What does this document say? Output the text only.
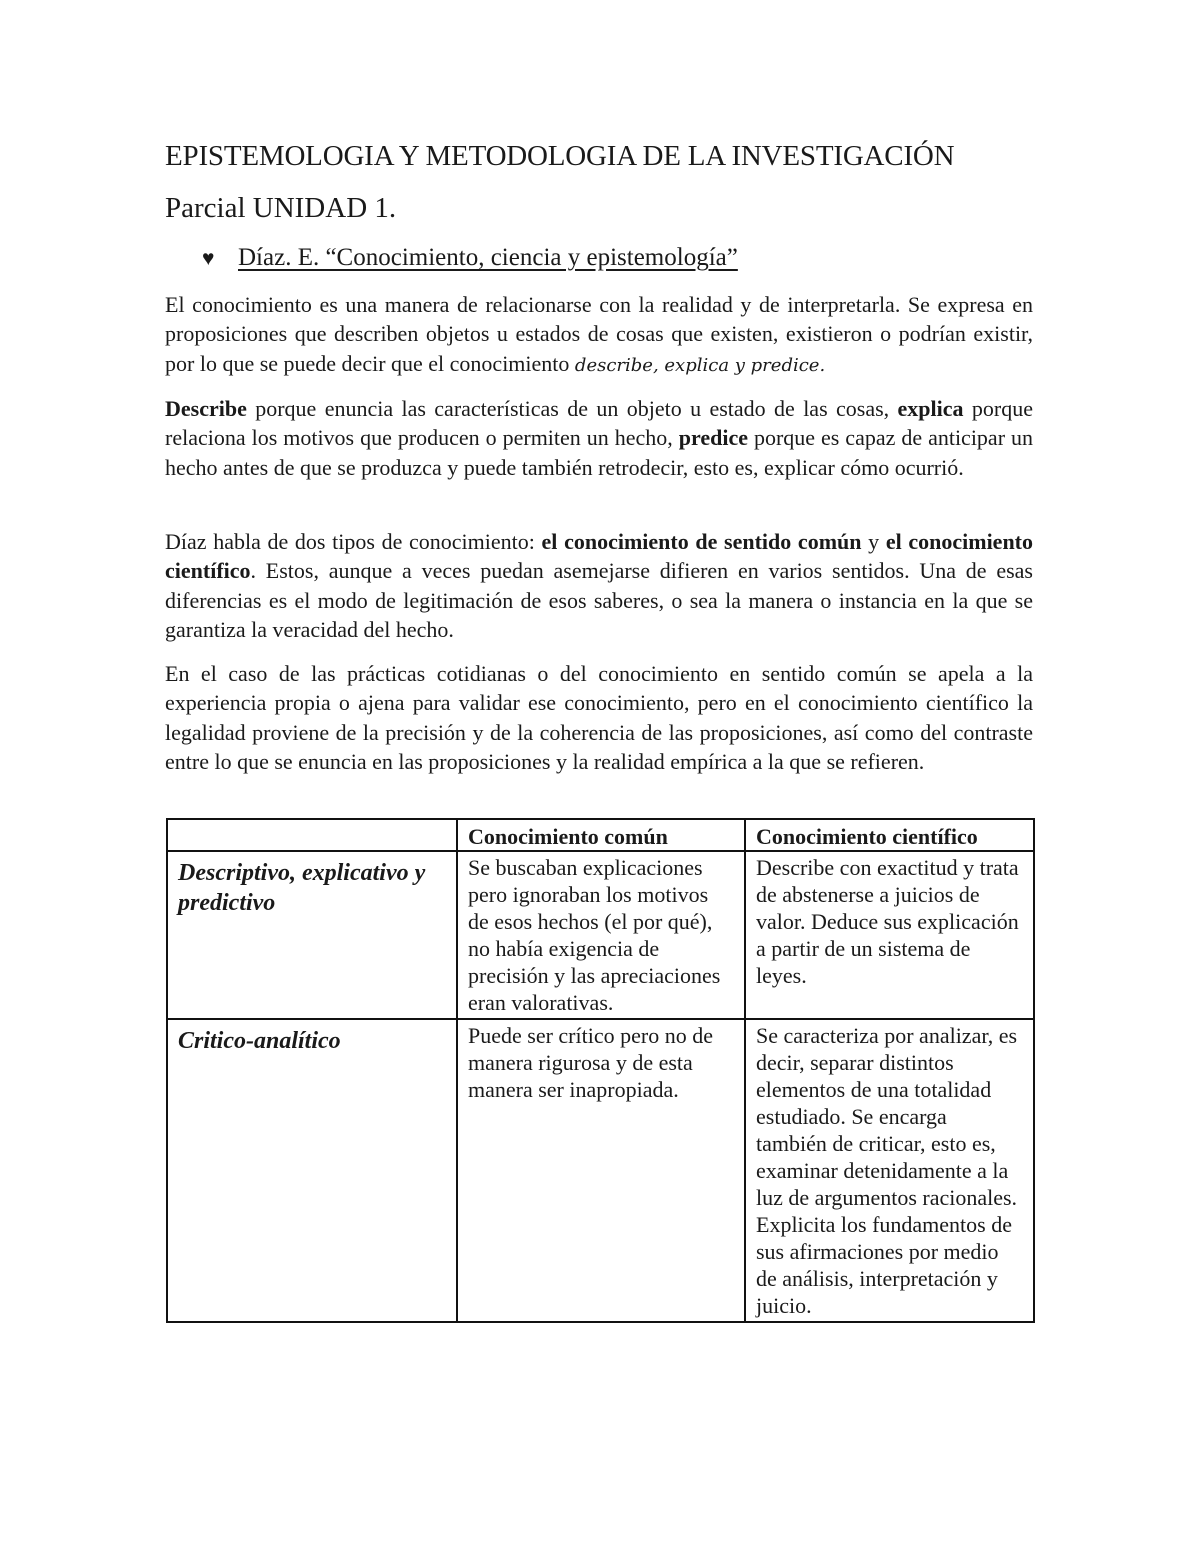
EPISTEMOLOGIA Y METODOLOGIA DE LA INVESTIGACIÓN
Parcial UNIDAD 1.
♥ Díaz. E. “Conocimiento, ciencia y epistemología”

El conocimiento es una manera de relacionarse con la realidad y de interpretarla. Se expresa en proposiciones que describen objetos u estados de cosas que existen, existieron o podrían existir, por lo que se puede decir que el conocimiento describe, explica y predice.

Describe porque enuncia las características de un objeto u estado de las cosas, explica porque relaciona los motivos que producen o permiten un hecho, predice porque es capaz de anticipar un hecho antes de que se produzca y puede también retrodecir, esto es, explicar cómo ocurrió.

Díaz habla de dos tipos de conocimiento: el conocimiento de sentido común y el conocimiento científico. Estos, aunque a veces puedan asemejarse difieren en varios sentidos. Una de esas diferencias es el modo de legitimación de esos saberes, o sea la manera o instancia en la que se garantiza la veracidad del hecho.

En el caso de las prácticas cotidianas o del conocimiento en sentido común se apela a la experiencia propia o ajena para validar ese conocimiento, pero en el conocimiento científico la legalidad proviene de la precisión y de la coherencia de las proposiciones, así como del contraste entre lo que se enuncia en las proposiciones y la realidad empírica a la que se refieren.

	Conocimiento común	Conocimiento científico
Descriptivo, explicativo y predictivo	Se buscaban explicaciones pero ignoraban los motivos de esos hechos (el por qué), no había exigencia de precisión y las apreciaciones eran valorativas.	Describe con exactitud y trata de abstenerse a juicios de valor. Deduce sus explicación a partir de un sistema de leyes.
Critico-analítico	Puede ser crítico pero no de manera rigurosa y de esta manera ser inapropiada.	Se caracteriza por analizar, es decir, separar distintos elementos de una totalidad estudiado. Se encarga también de criticar, esto es, examinar detenidamente a la luz de argumentos racionales.
Explicita los fundamentos de sus afirmaciones por medio de análisis, interpretación y juicio.
